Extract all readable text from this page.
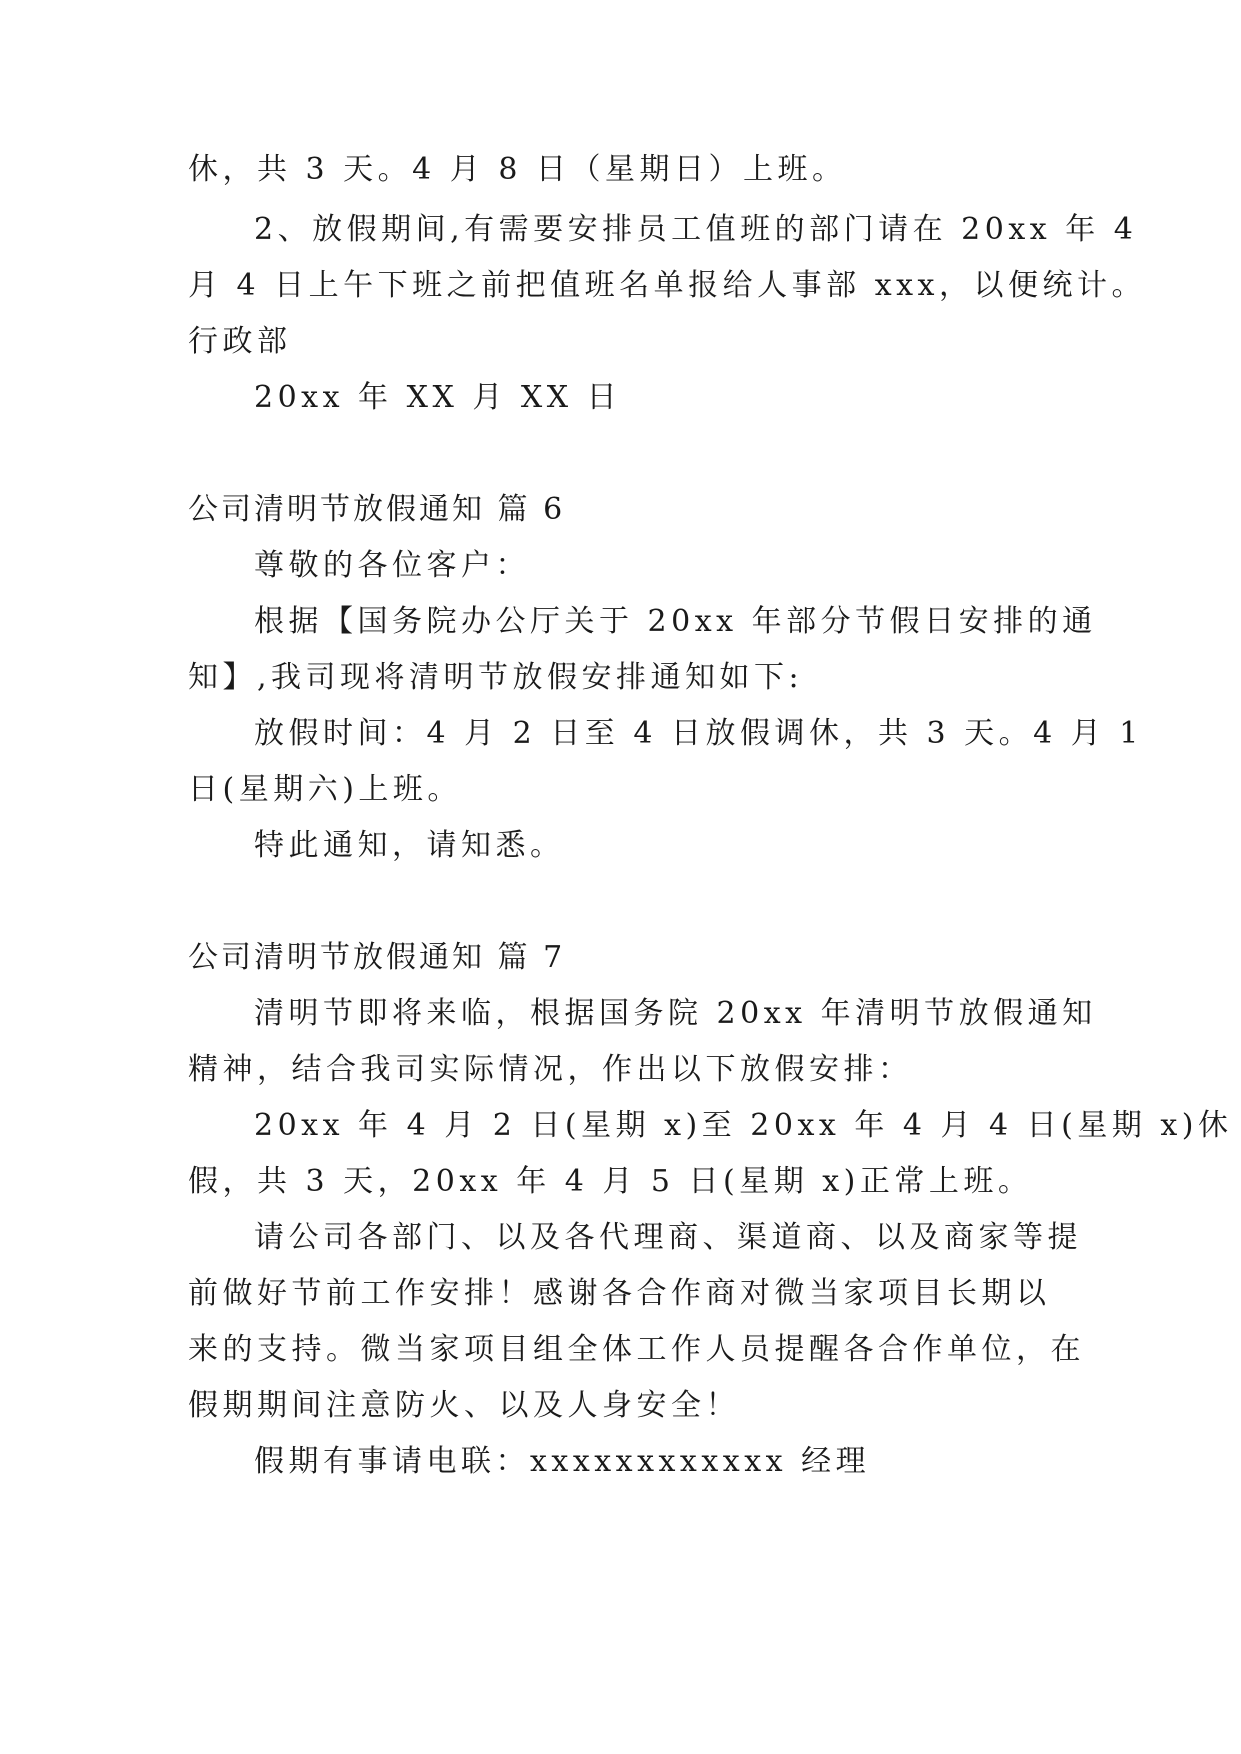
休，共 3 天。4 月 8 日（星期日）上班。

2、放假期间,有需要安排员工值班的部门请在 20xx 年 4

月 4 日上午下班之前把值班名单报给人事部 xxx，以便统计。

行政部

20xx 年 XX 月 XX 日

公司清明节放假通知 篇 6

尊敬的各位客户：

根据【国务院办公厅关于 20xx 年部分节假日安排的通

知】,我司现将清明节放假安排通知如下:

放假时间：4 月 2 日至 4 日放假调休，共 3 天。4 月 1

日(星期六)上班。

特此通知，请知悉。

公司清明节放假通知 篇 7

清明节即将来临，根据国务院 20xx 年清明节放假通知

精神，结合我司实际情况，作出以下放假安排：

20xx 年 4 月 2 日(星期 x)至 20xx 年 4 月 4 日(星期 x)休

假，共 3 天，20xx 年 4 月 5 日(星期 x)正常上班。

请公司各部门、以及各代理商、渠道商、以及商家等提

前做好节前工作安排！感谢各合作商对微当家项目长期以

来的支持。微当家项目组全体工作人员提醒各合作单位，在

假期期间注意防火、以及人身安全！

假期有事请电联：xxxxxxxxxxxx 经理
